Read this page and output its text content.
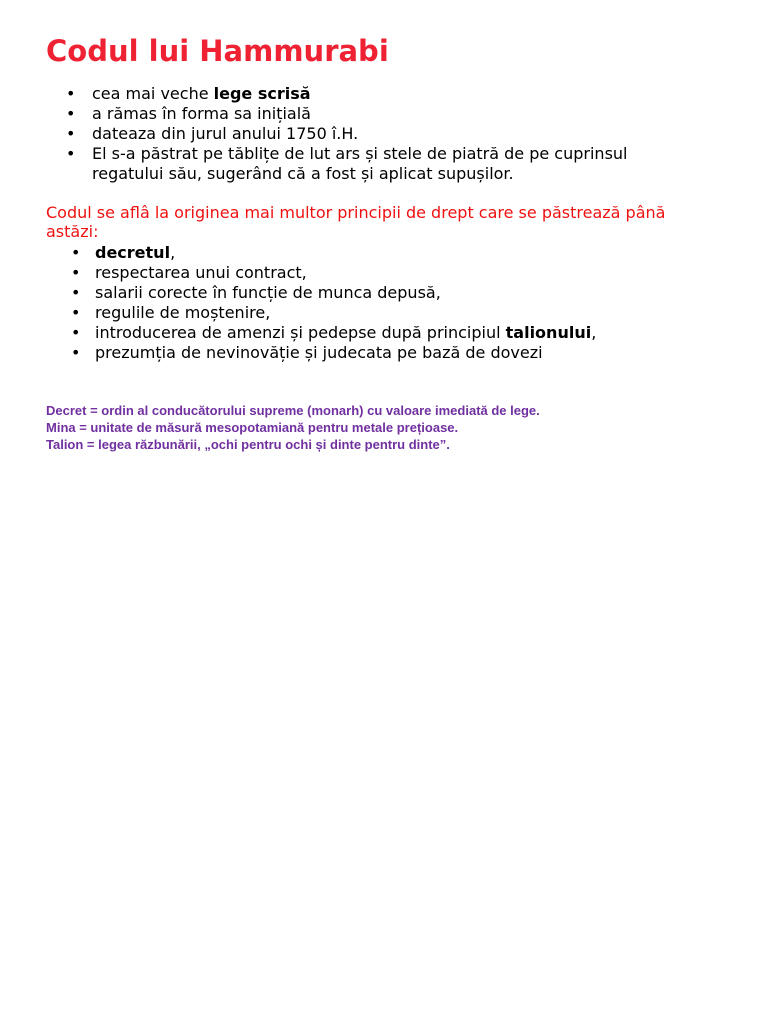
Codul lui Hammurabi
• cea mai veche lege scrisă
• a rămas în forma sa inițială
• dateaza din jurul anului 1750 î.H.
• El s-a păstrat pe tăblițe de lut ars și stele de piatră de pe cuprinsul regatului său, sugerând că a fost și aplicat supușilor.

Codul se aflâ la originea mai multor principii de drept care se păstrează până astăzi:

• decretul,
• respectarea unui contract,
• salarii corecte în funcție de munca depusă,
• regulile de moștenire,
• introducerea de amenzi și pedepse după principiul talionului,
• prezumția de nevinovăție și judecata pe bază de dovezi
Decret = ordin al conducătorului supreme (monarh) cu valoare imediată de lege.
Mina = unitate de măsură mesopotamiană pentru metale prețioase.
Talion = legea răzbunării, „ochi pentru ochi și dinte pentru dinte”.
